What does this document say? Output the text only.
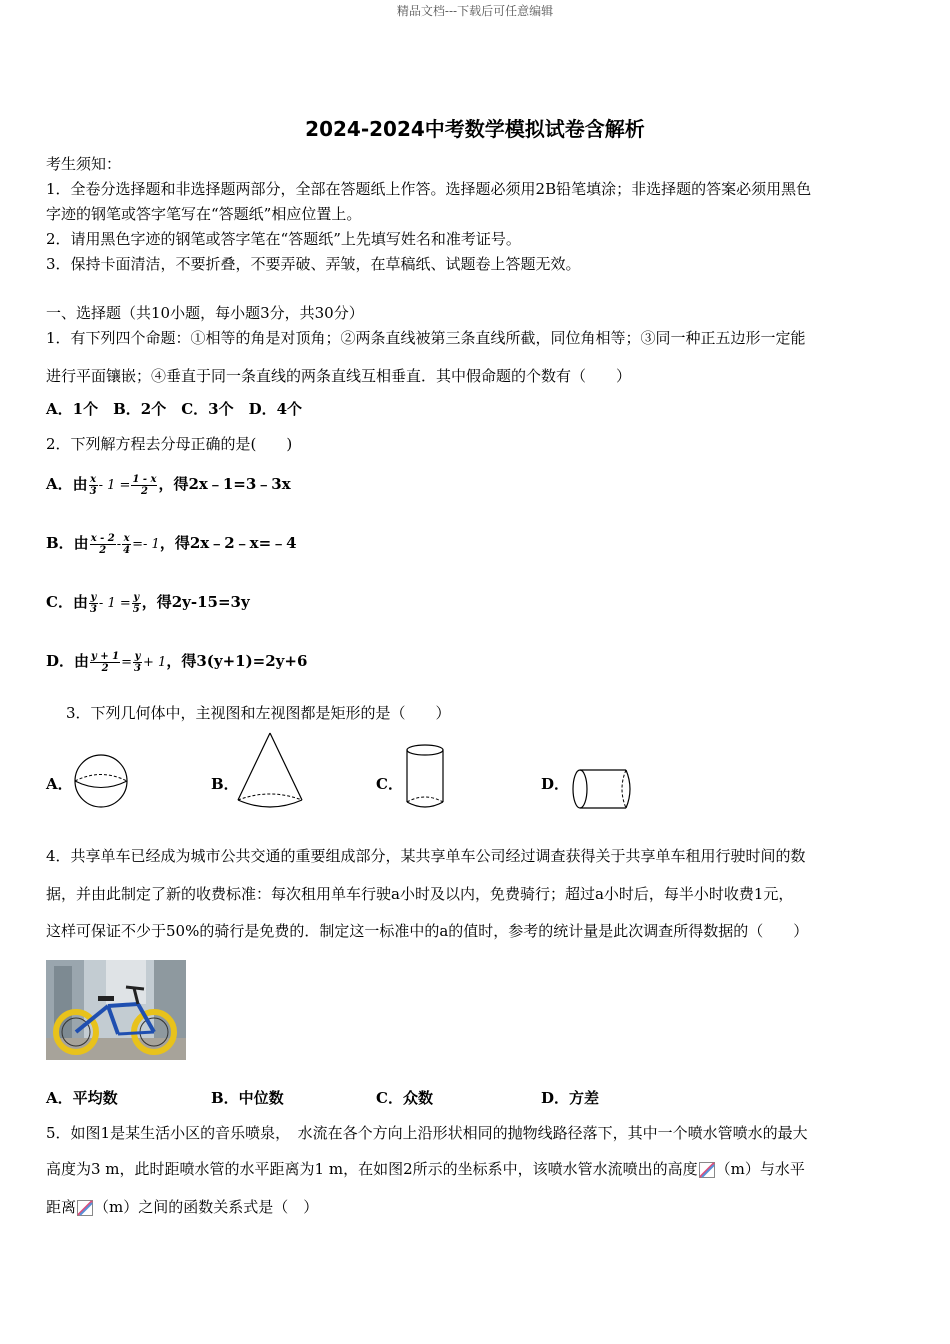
精品文档---下载后可任意编辑
2024-2024中考数学模拟试卷含解析
考生须知：
1．全卷分选择题和非选择题两部分，全部在答题纸上作答。选择题必须用2B铅笔填涂；非选择题的答案必须用黑色
字迹的钢笔或答字笔写在“答题纸”相应位置上。
2．请用黑色字迹的钢笔或答字笔在“答题纸”上先填写姓名和准考证号。
3．保持卡面清洁，不要折叠，不要弄破、弄皱，在草稿纸、试题卷上答题无效。
一、选择题（共10小题，每小题3分，共30分）
1．有下列四个命题：①相等的角是对顶角；②两条直线被第三条直线所截，同位角相等；③同一种正五边形一定能
进行平面镶嵌；④垂直于同一条直线的两条直线互相垂直．其中假命题的个数有（　　）
A．1个　B．2个　C．3个　D．4个
2．下列解方程去分母正确的是(　　)
A．由 $\frac{x}{3} - 1 = \frac{1 - x}{2}$ ，得2x﹣1=3﹣3x
B．由 $\frac{x - 2}{2} - \frac{x}{4} =- 1$，得2x﹣2﹣x=﹣4
C．由 $\frac{y}{3} - 1 = \frac{y}{5}$ ，得2y-15=3y
D．由 $\frac{y + 1}{2} = \frac{y}{3} + 1$，得3(y+1)=2y+6
3．下列几何体中，主视图和左视图都是矩形的是（　　）
A．	B．	C．	D．
4．共享单车已经成为城市公共交通的重要组成部分，某共享单车公司经过调查获得关于共享单车租用行驶时间的数
据，并由此制定了新的收费标准：每次租用单车行驶a小时及以内，免费骑行；超过a小时后，每半小时收费1元，
这样可保证不少于50%的骑行是免费的．制定这一标准中的a的值时，参考的统计量是此次调查所得数据的（　　）
A．平均数	B．中位数	C．众数	D．方差
5．如图1是某生活小区的音乐喷泉，　水流在各个方向上沿形状相同的抛物线路径落下，其中一个喷水管喷水的最大
高度为3 m，此时距喷水管的水平距离为1 m，在如图2所示的坐标系中，该喷水管水流喷出的高度 （m）与水平
距离 （m）之间的函数关系式是（　）
